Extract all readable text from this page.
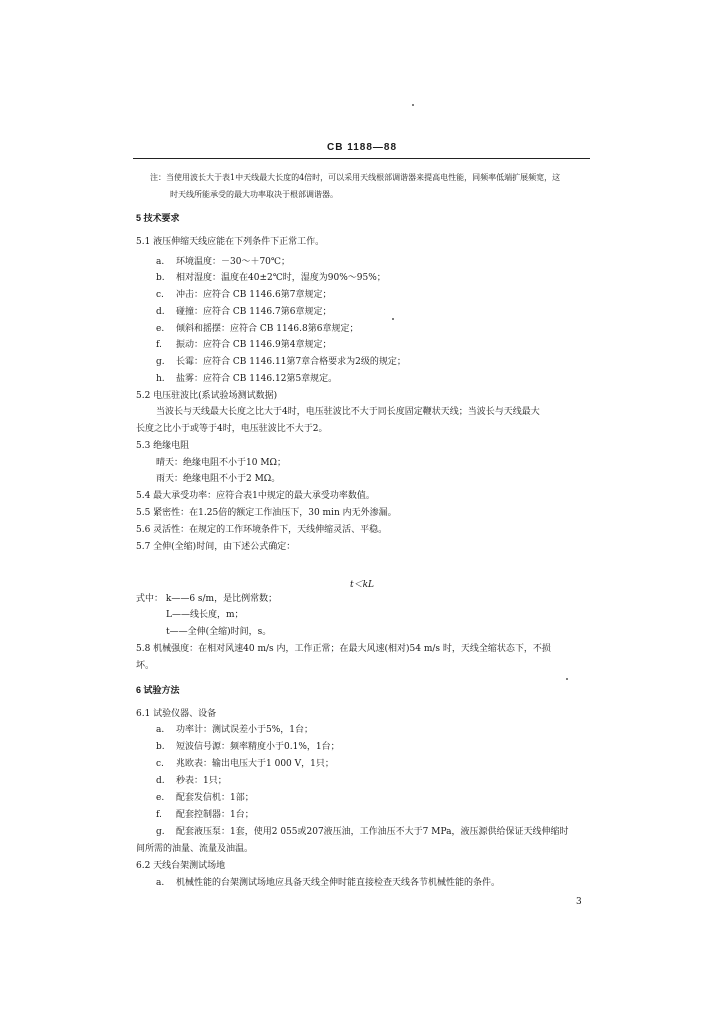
CB 1188—88
注：当使用波长大于表1中天线最大长度的4倍时，可以采用天线根部调谐器来提高电性能，同频率低端扩展频宽，这
时天线所能承受的最大功率取决于根部调谐器。
5 技术要求
5.1 液压伸缩天线应能在下列条件下正常工作。
a. 环境温度：－30～＋70℃；
b. 相对湿度：温度在40±2℃时，湿度为90%～95%；
c. 冲击：应符合 CB 1146.6第7章规定；
d. 碰撞：应符合 CB 1146.7第6章规定；
e. 倾斜和摇摆：应符合 CB 1146.8第6章规定；
f. 振动：应符合 CB 1146.9第4章规定；
g. 长霉：应符合 CB 1146.11第7章合格要求为2级的规定；
h. 盐雾：应符合 CB 1146.12第5章规定。
5.2 电压驻波比(系试验场测试数据)
当波长与天线最大长度之比大于4时，电压驻波比不大于同长度固定鞭状天线；当波长与天线最大
长度之比小于或等于4时，电压驻波比不大于2。
5.3 绝缘电阻
晴天：绝缘电阻不小于10 MΩ；
雨天：绝缘电阻不小于2 MΩ。
5.4 最大承受功率：应符合表1中规定的最大承受功率数值。
5.5 紧密性：在1.25倍的额定工作油压下，30 min 内无外渗漏。
5.6 灵活性：在规定的工作环境条件下，天线伸缩灵活、平稳。
5.7 全伸(全缩)时间，由下述公式确定：
t＜kL
式中： k——6 s/m，是比例常数；
L——线长度，m；
t——全伸(全缩)时间，s。
5.8 机械强度：在相对风速40 m/s 内，工作正常；在最大风速(相对)54 m/s 时，天线全缩状态下，不损
坏。
6 试验方法
6.1 试验仪器、设备
a. 功率计：测试误差小于5%，1台；
b. 短波信号源：频率精度小于0.1%，1台；
c. 兆欧表：输出电压大于1 000 V，1只；
d. 秒表：1只；
e. 配套发信机：1部；
f. 配套控制器：1台；
g. 配套液压泵：1套，使用2 055或207液压油，工作油压不大于7 MPa，液压源供给保证天线伸缩时
间所需的油量、流量及油温。
6.2 天线台架测试场地
a. 机械性能的台架测试场地应具备天线全伸时能直接检查天线各节机械性能的条件。
3
